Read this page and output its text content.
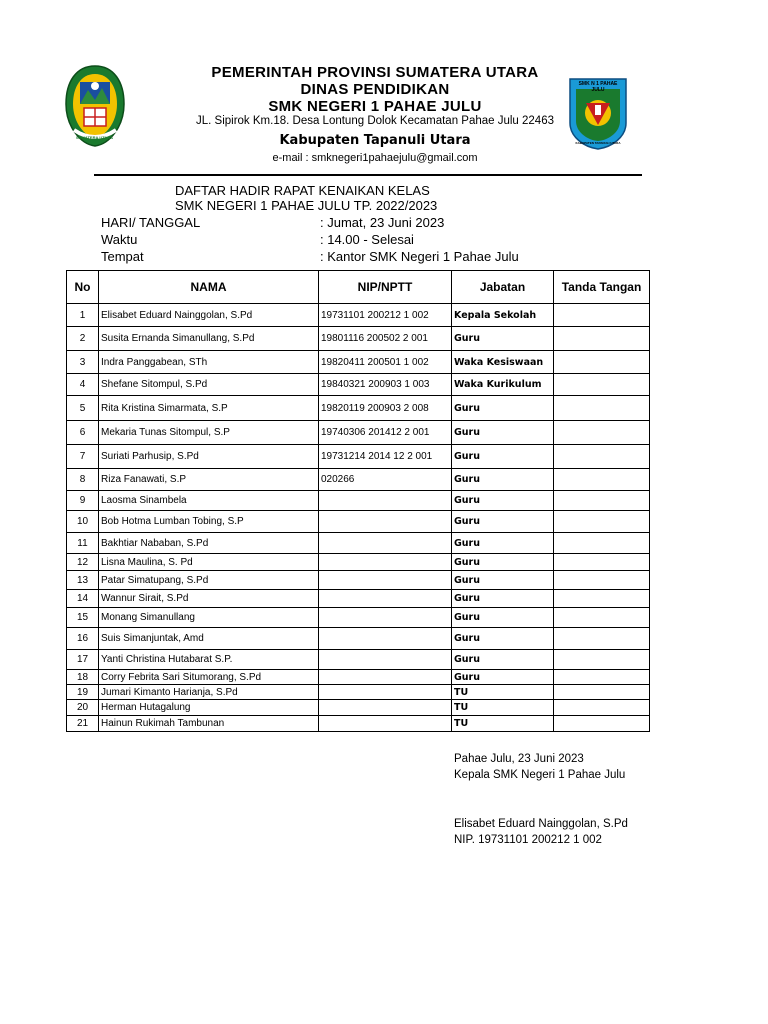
SUMATERA UTARA
SMK N 1 PAHAE JULU
KABUPATEN TAPANULI UTARA
PEMERINTAH PROVINSI SUMATERA UTARA
DINAS PENDIDIKAN
SMK NEGERI 1 PAHAE JULU
JL. Sipirok Km.18. Desa Lontung Dolok Kecamatan Pahae Julu 22463
Kabupaten Tapanuli Utara
e-mail : smknegeri1pahaejulu@gmail.com
DAFTAR HADIR RAPAT KENAIKAN KELAS
SMK NEGERI 1 PAHAE JULU TP. 2022/2023
HARI/ TANGGAL	: Jumat, 23 Juni 2023
Waktu	: 14.00 - Selesai
Tempat	: Kantor SMK Negeri 1 Pahae Julu
No	NAMA	NIP/NPTT	Jabatan	Tanda Tangan
1	Elisabet Eduard Nainggolan, S.Pd	19731101 200212 1 002	Kepala Sekolah	
2	Susita Ernanda Simanullang, S.Pd	19801116 200502 2 001	Guru	
3	Indra Panggabean, STh	19820411 200501 1 002	Waka Kesiswaan	
4	Shefane Sitompul, S.Pd	19840321 200903 1 003	Waka Kurikulum	
5	Rita Kristina Simarmata, S.P	19820119 200903 2 008	Guru	
6	Mekaria Tunas Sitompul, S.P	19740306 201412 2 001	Guru	
7	Suriati Parhusip, S.Pd	19731214 2014 12 2 001	Guru	
8	Riza Fanawati, S.P	020266	Guru	
9	Laosma Sinambela		Guru	
10	Bob Hotma Lumban Tobing, S.P		Guru	
11	Bakhtiar Nababan, S.Pd		Guru	
12	Lisna Maulina, S. Pd		Guru	
13	Patar Simatupang, S.Pd		Guru	
14	Wannur Sirait, S.Pd		Guru	
15	Monang Simanullang		Guru	
16	Suis Simanjuntak, Amd		Guru	
17	Yanti Christina Hutabarat S.P.		Guru	
18	Corry Febrita Sari Situmorang, S.Pd		Guru	
19	Jumari Kimanto Harianja, S.Pd		TU	
20	Herman Hutagalung		TU	
21	Hainun Rukimah Tambunan		TU	
Pahae Julu, 23 Juni 2023
Kepala SMK Negeri 1 Pahae Julu
Elisabet Eduard Nainggolan, S.Pd
NIP. 19731101 200212 1 002
